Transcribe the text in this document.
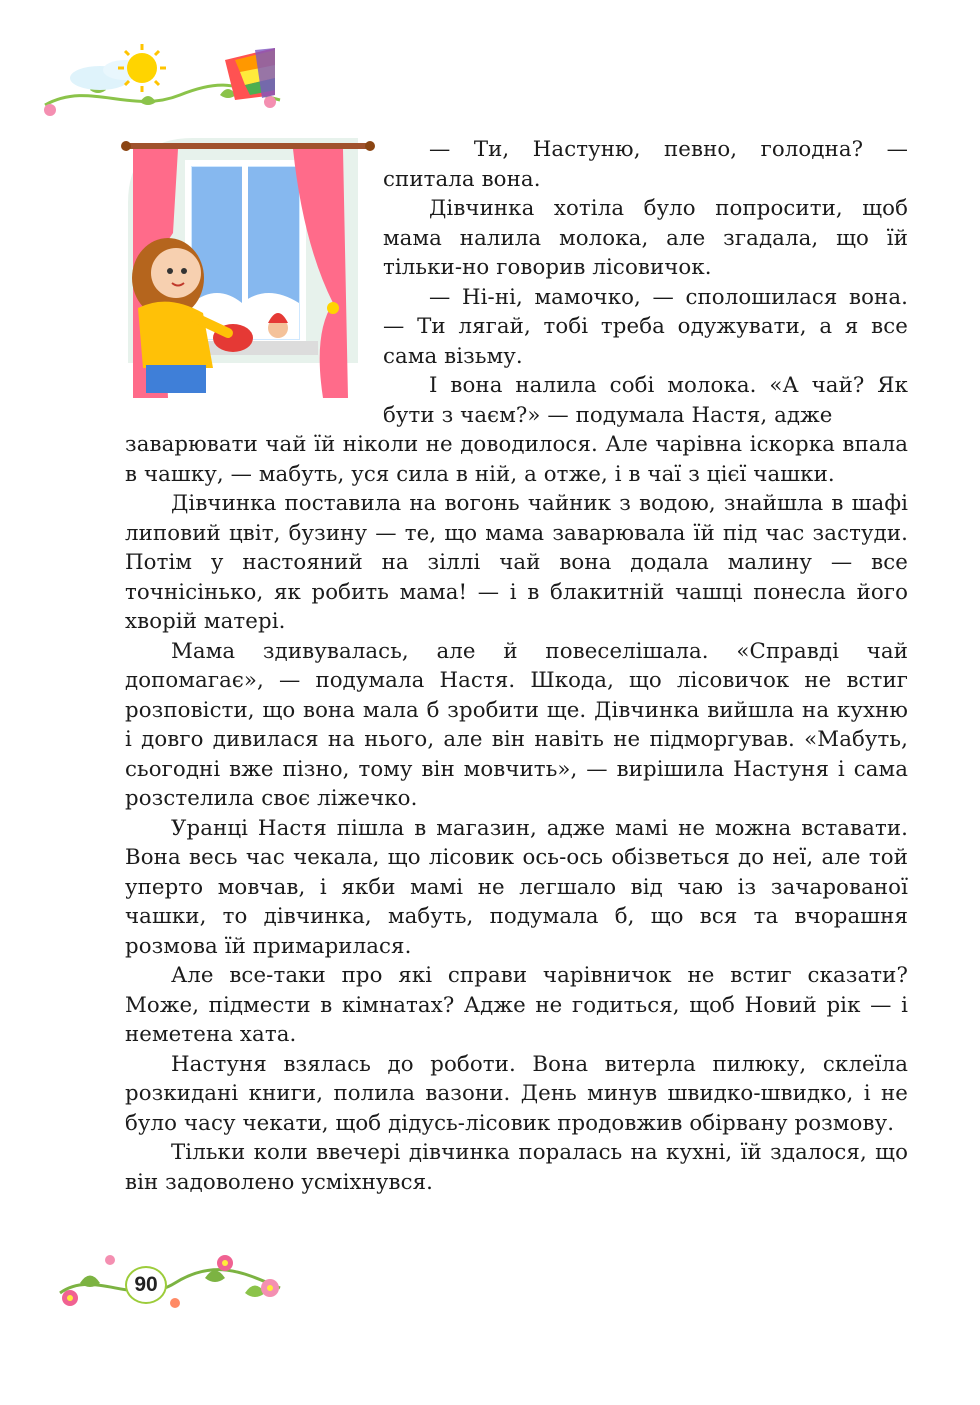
— Ти, Настуню, певно, голодна? — спитала вона.

Дівчинка хотіла було попросити, щоб мама налила молока, але згадала, що їй тільки-но говорив лісовичок.

— Ні-ні, мамочко, — сполошилася вона. — Ти лягай, тобі треба одужувати, а я все сама візьму.

І вона налила собі молока. «А чай? Як бути з чаєм?» — подумала Настя, адже

заварювати чай їй ніколи не доводилося. Але чарівна іскорка впала в чашку, — мабуть, уся сила в ній, а отже, і в чаї з цієї чашки.

Дівчинка поставила на вогонь чайник з водою, знайшла в шафі липовий цвіт, бузину — те, що мама заварювала їй під час застуди. Потім у настояний на зіллі чай вона додала малину — все точнісінько, як робить мама! — і в блакитній чашці понесла його хворій матері.

Мама здивувалась, але й повеселішала. «Справді чай допомагає», — подумала Настя. Шкода, що лісовичок не встиг розповісти, що вона мала б зробити ще. Дівчинка вийшла на кухню і довго дивилася на нього, але він навіть не підморгував. «Мабуть, сьогодні вже пізно, тому він мовчить», — вирішила Настуня і сама розстелила своє ліжечко.

Уранці Настя пішла в магазин, адже мамі не можна вставати. Вона весь час чекала, що лісовик ось-ось обізветься до неї, але той уперто мовчав, і якби мамі не легшало від чаю із зачарованої чашки, то дівчинка, мабуть, подумала б, що вся та вчорашня розмова їй примарилася.

Але все-таки про які справи чарівничок не встиг сказати? Може, підмести в кімнатах? Адже не годиться, щоб Новий рік — і неметена хата.

Настуня взялась до роботи. Вона витерла пилюку, склеїла розкидані книги, полила вазони. День минув швидко-швидко, і не було часу чекати, щоб дідусь-лісовик продовжив обірвану розмову.

Тільки коли ввечері дівчинка поралась на кухні, їй здалося, що він задоволено усміхнувся.

90
